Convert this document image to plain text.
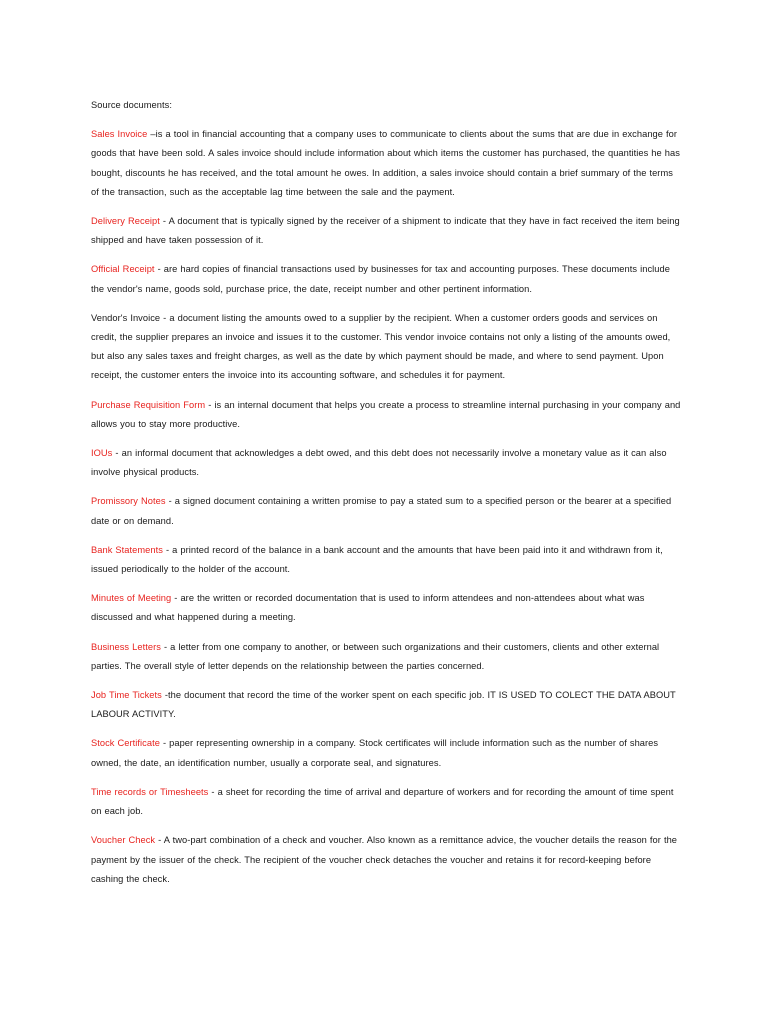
Source documents:

Sales Invoice –is a tool in financial accounting that a company uses to communicate to clients about the sums that are due in exchange for goods that have been sold. A sales invoice should include information about which items the customer has purchased, the quantities he has bought, discounts he has received, and the total amount he owes. In addition, a sales invoice should contain a brief summary of the terms of the transaction, such as the acceptable lag time between the sale and the payment.

Delivery Receipt - A document that is typically signed by the receiver of a shipment to indicate that they have in fact received the item being shipped and have taken possession of it.

Official Receipt - are hard copies of financial transactions used by businesses for tax and accounting purposes. These documents include the vendor's name, goods sold, purchase price, the date, receipt number and other pertinent information.

Vendor's Invoice - a document listing the amounts owed to a supplier by the recipient. When a customer orders goods and services on credit, the supplier prepares an invoice and issues it to the customer. This vendor invoice contains not only a listing of the amounts owed, but also any sales taxes and freight charges, as well as the date by which payment should be made, and where to send payment. Upon receipt, the customer enters the invoice into its accounting software, and schedules it for payment.

Purchase Requisition Form - is an internal document that helps you create a process to streamline internal purchasing in your company and allows you to stay more productive.

IOUs - an informal document that acknowledges a debt owed, and this debt does not necessarily involve a monetary value as it can also involve physical products.

Promissory Notes - a signed document containing a written promise to pay a stated sum to a specified person or the bearer at a specified date or on demand.

Bank Statements - a printed record of the balance in a bank account and the amounts that have been paid into it and withdrawn from it, issued periodically to the holder of the account.

Minutes of Meeting - are the written or recorded documentation that is used to inform attendees and non-attendees about what was discussed and what happened during a meeting.

Business Letters - a letter from one company to another, or between such organizations and their customers, clients and other external parties. The overall style of letter depends on the relationship between the parties concerned.

Job Time Tickets -the document that record the time of the worker spent on each specific job. IT IS USED TO COLECT THE DATA ABOUT LABOUR ACTIVITY.

Stock Certificate - paper representing ownership in a company. Stock certificates will include information such as the number of shares owned, the date, an identification number, usually a corporate seal, and signatures.

Time records or Timesheets - a sheet for recording the time of arrival and departure of workers and for recording the amount of time spent on each job.

Voucher Check - A two-part combination of a check and voucher. Also known as a remittance advice, the voucher details the reason for the payment by the issuer of the check. The recipient of the voucher check detaches the voucher and retains it for record-keeping before cashing the check.
